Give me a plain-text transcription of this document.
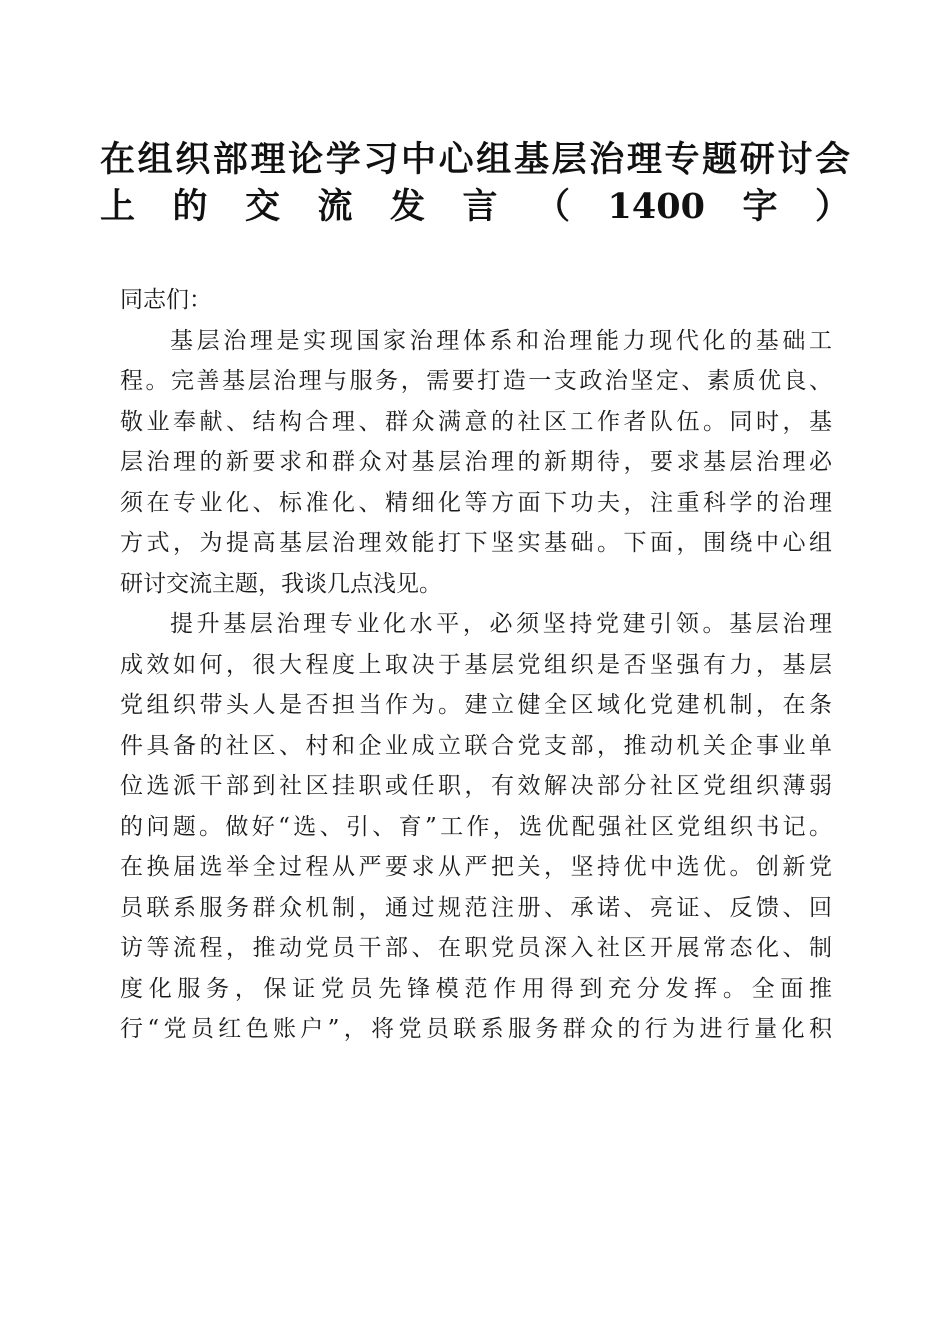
在组织部理论学习中心组基层治理专题研讨会
上的交流发言（1400字）
同志们：
基层治理是实现国家治理体系和治理能力现代化的基础工
程。完善基层治理与服务，需要打造一支政治坚定、素质优良、
敬业奉献、结构合理、群众满意的社区工作者队伍。同时，基
层治理的新要求和群众对基层治理的新期待，要求基层治理必
须在专业化、标准化、精细化等方面下功夫，注重科学的治理
方式，为提高基层治理效能打下坚实基础。下面，围绕中心组
研讨交流主题，我谈几点浅见。
提升基层治理专业化水平，必须坚持党建引领。基层治理
成效如何，很大程度上取决于基层党组织是否坚强有力，基层
党组织带头人是否担当作为。建立健全区域化党建机制，在条
件具备的社区、村和企业成立联合党支部，推动机关企事业单
位选派干部到社区挂职或任职，有效解决部分社区党组织薄弱
的问题。做好“选、引、育”工作，选优配强社区党组织书记。
在换届选举全过程从严要求从严把关，坚持优中选优。创新党
员联系服务群众机制，通过规范注册、承诺、亮证、反馈、回
访等流程，推动党员干部、在职党员深入社区开展常态化、制
度化服务，保证党员先锋模范作用得到充分发挥。全面推
行“党员红色账户”，将党员联系服务群众的行为进行量化积
